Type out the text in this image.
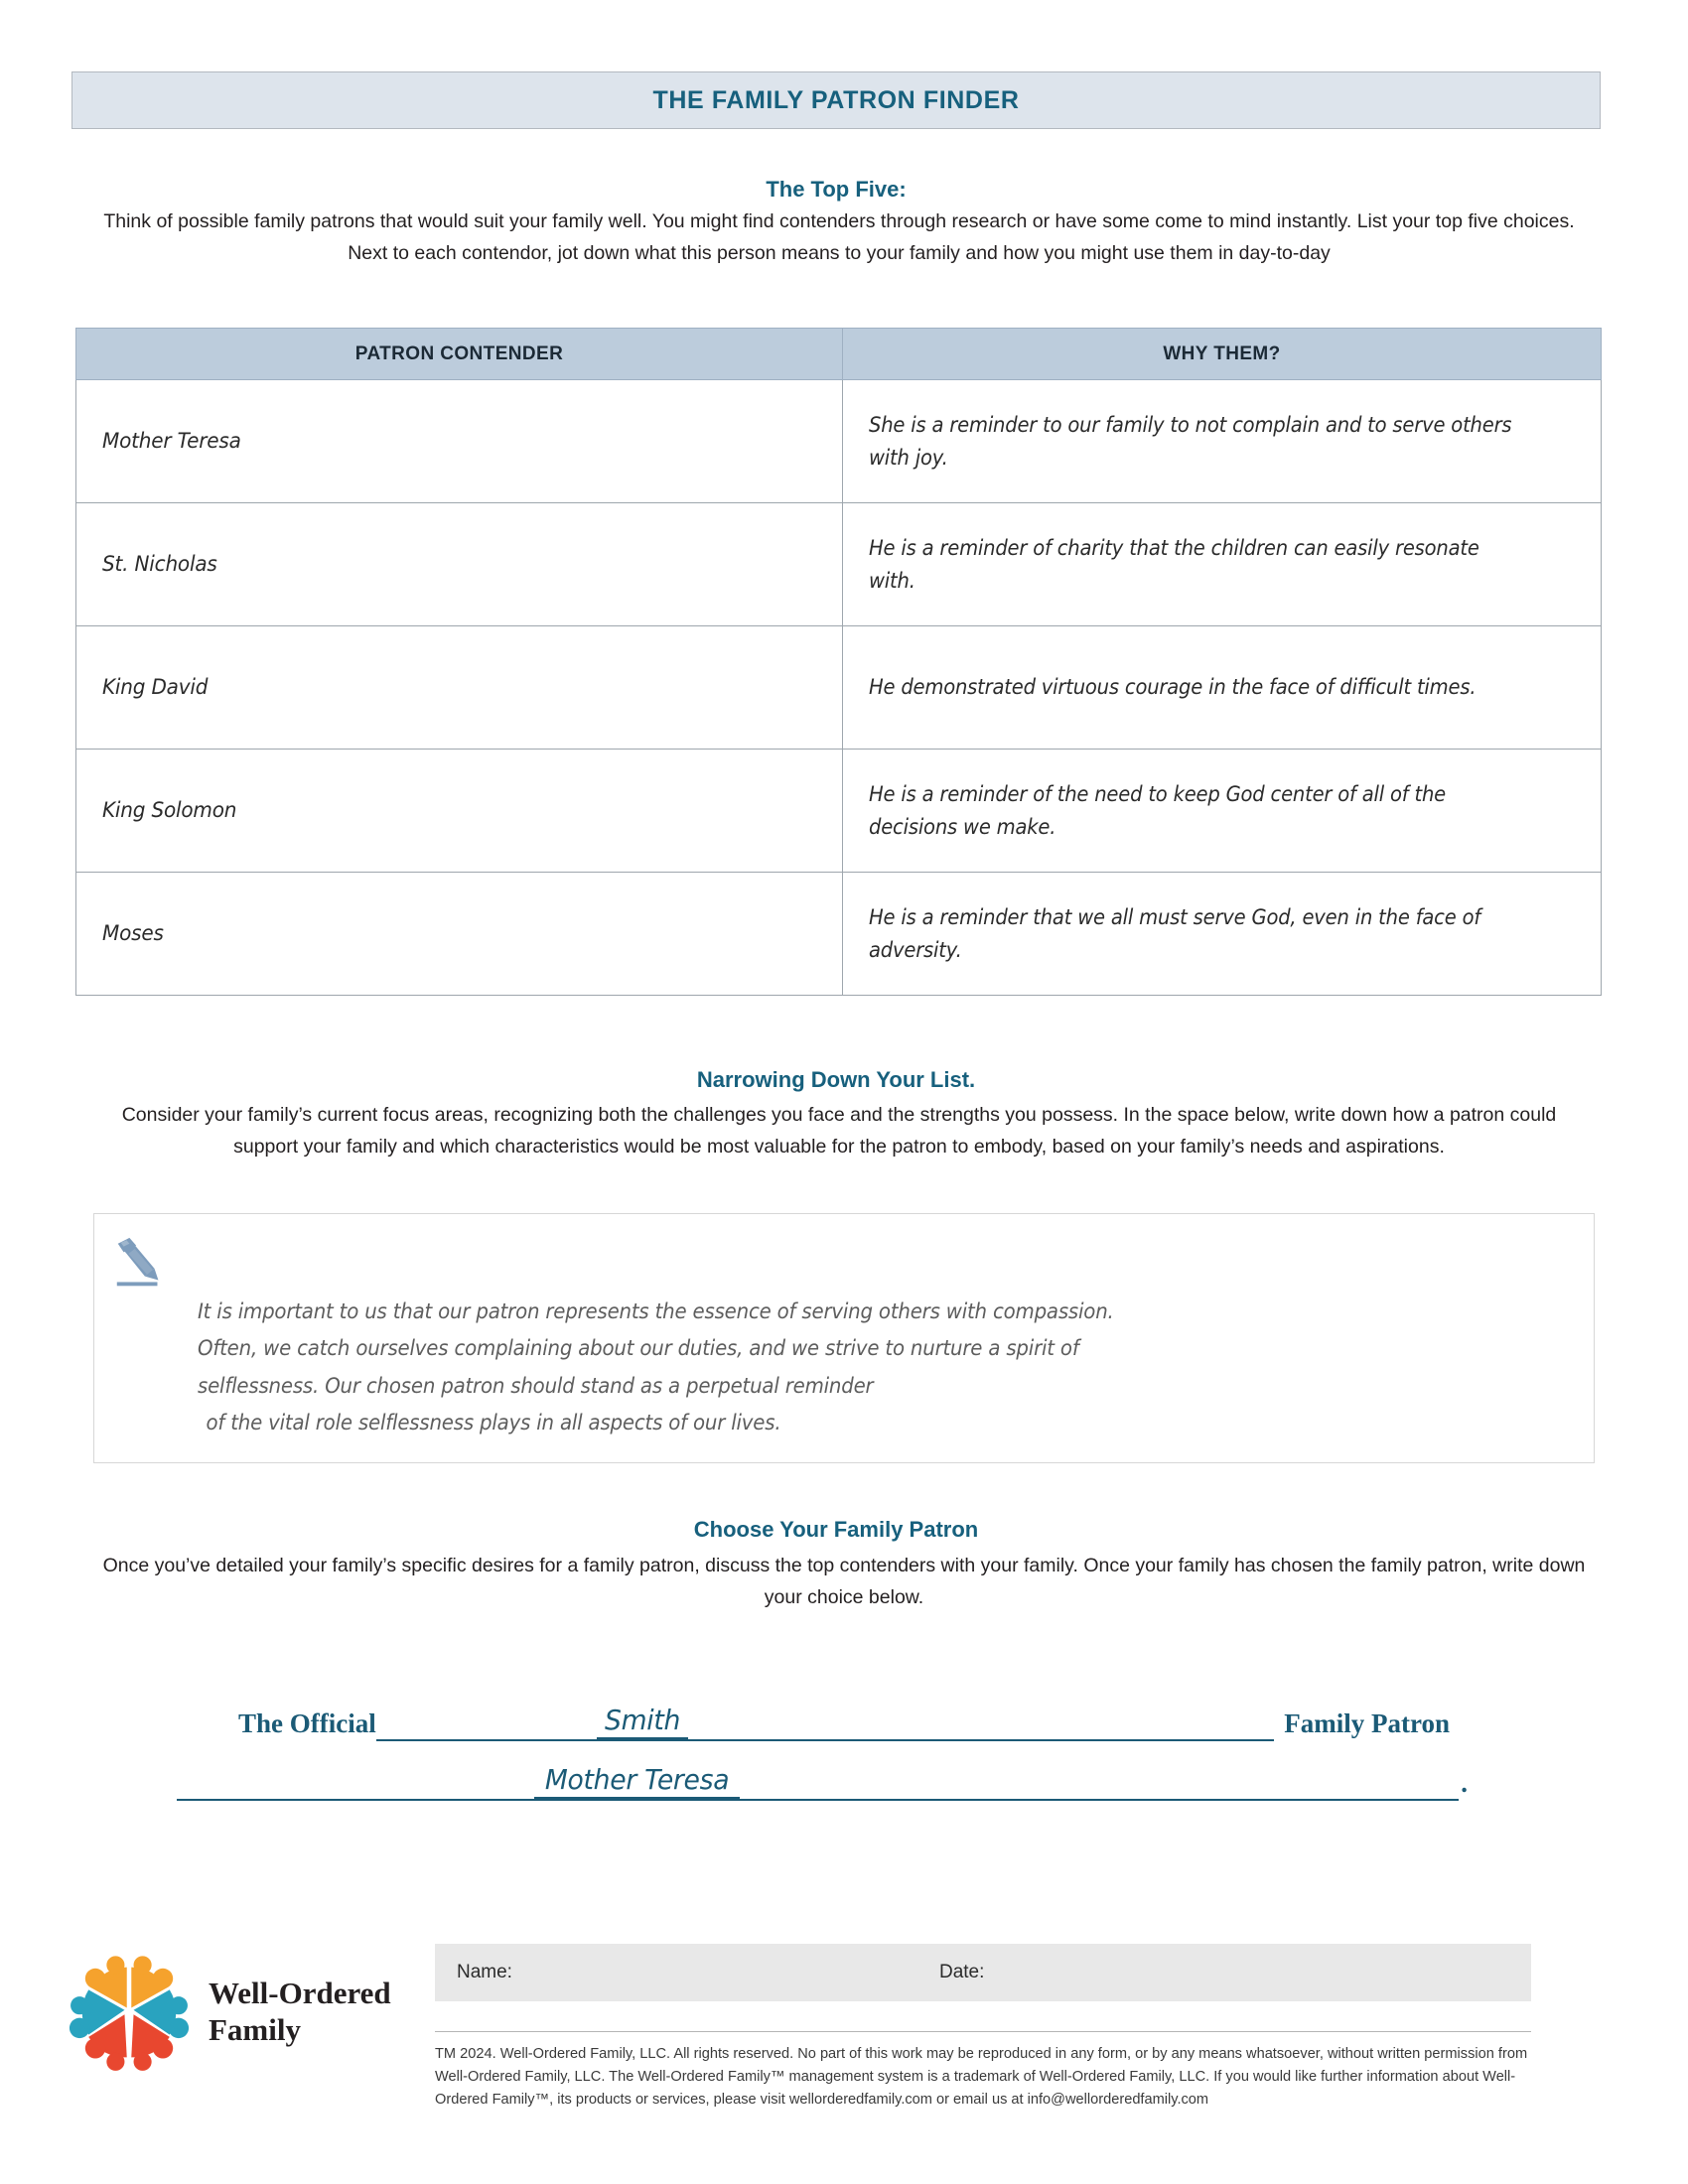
THE FAMILY PATRON FINDER
The Top Five:
Think of possible family patrons that would suit your family well. You might find contenders through research or have some come to mind instantly. List your top five choices. Next to each contendor, jot down what this person means to your family and how you might use them in day-to-day
PATRON CONTENDER	WHY THEM?

Mother Teresa	She is a reminder to our family to not complain and to serve others with joy.

St. Nicholas	He is a reminder of charity that the children can easily resonate with.

King David	He demonstrated virtuous courage in the face of difficult times.

King Solomon	He is a reminder of the need to keep God center of all of the decisions we make.

Moses	He is a reminder that we all must serve God, even in the face of adversity.
Narrowing Down Your List.
Consider your family’s current focus areas, recognizing both the challenges you face and the strengths you possess. In the space below, write down how a patron could support your family and which characteristics would be most valuable for the patron to embody, based on your family’s needs and aspirations.
It is important to us that our patron represents the essence of serving others with compassion.
Often, we catch ourselves complaining about our duties, and we strive to nurture a spirit of
selflessness. Our chosen patron should stand as a perpetual reminder
of the vital role selflessness plays in all aspects of our lives.
Choose Your Family Patron
Once you’ve detailed your family’s specific desires for a family patron, discuss the top contenders with your family. Once your family has chosen the family patron, write down your choice below.
The Official	Smith	Family Patron
Mother Teresa	.
Well-Ordered
Family
Name:	Date:
TM 2024. Well-Ordered Family, LLC. All rights reserved. No part of this work may be reproduced in any form, or by any means whatsoever, without written permission from Well-Ordered Family, LLC. The Well-Ordered Family™ management system is a trademark of Well-Ordered Family, LLC. If you would like further information about Well-Ordered Family™, its products or services, please visit wellorderedfamily.com or email us at info@wellorderedfamily.com
